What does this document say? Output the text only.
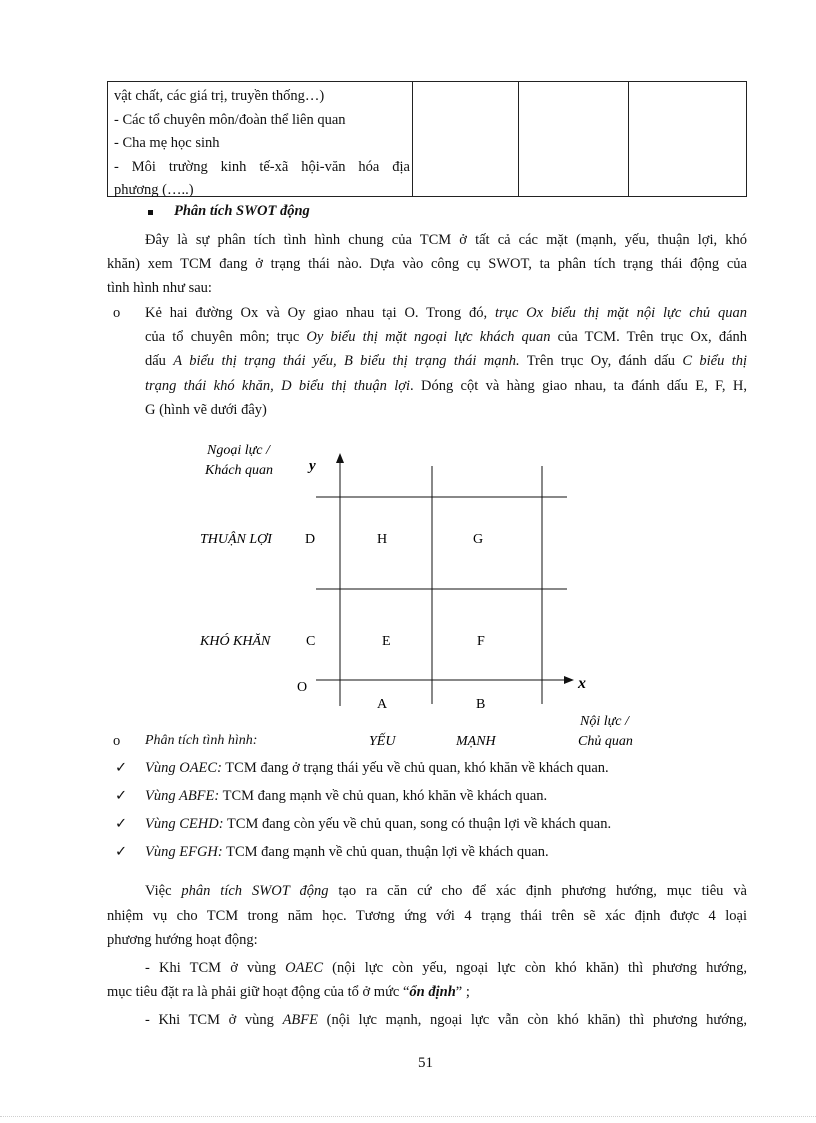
vật chất, các giá trị, truyền thống…)
- Các tổ chuyên môn/đoàn thể liên quan
- Cha mẹ học sinh
- Môi trường kinh tế-xã hội-văn hóa địa
phương (…..)
Phân tích SWOT động
Đây là sự phân tích tình hình chung của TCM ở tất cả các mặt (mạnh, yếu, thuận lợi, khó
khăn) xem TCM đang ở trạng thái nào. Dựa vào công cụ SWOT, ta phân tích trạng thái động của
tình hình như sau:
o Kẻ hai đường Ox và Oy giao nhau tại O. Trong đó, trục Ox biểu thị mặt nội lực chủ quan
của tổ chuyên môn; trục Oy biểu thị mặt ngoại lực khách quan của TCM. Trên trục Ox, đánh
dấu A biểu thị trạng thái yếu, B biểu thị trạng thái mạnh. Trên trục Oy, đánh dấu C biểu thị
trạng thái khó khăn, D biểu thị thuận lợi. Dóng cột và hàng giao nhau, ta đánh dấu E, F, H,
G (hình vẽ dưới đây)
Ngoại lực /
Khách quan y
x
O
THUẬN LỢI
KHÓ KHĂN
D	H	G
C	E	F
A	B
Nội lực /
Chủ quan
YẾU	MẠNH
o Phân tích tình hình:
✓ Vùng OAEC: TCM đang ở trạng thái yếu về chủ quan, khó khăn về khách quan.
✓ Vùng ABFE: TCM đang mạnh về chủ quan, khó khăn về khách quan.
✓ Vùng CEHD: TCM đang còn yếu về chủ quan, song có thuận lợi về khách quan.
✓ Vùng EFGH: TCM đang mạnh về chủ quan, thuận lợi về khách quan.
Việc phân tích SWOT động tạo ra căn cứ cho để xác định phương hướng, mục tiêu và
nhiệm vụ cho TCM trong năm học. Tương ứng với 4 trạng thái trên sẽ xác định được 4 loại
phương hướng hoạt động:
- Khi TCM ở vùng OAEC (nội lực còn yếu, ngoại lực còn khó khăn) thì phương hướng,
mục tiêu đặt ra là phải giữ hoạt động của tổ ở mức “ổn định” ;
- Khi TCM ở vùng ABFE (nội lực mạnh, ngoại lực vẫn còn khó khăn) thì phương hướng,
51
